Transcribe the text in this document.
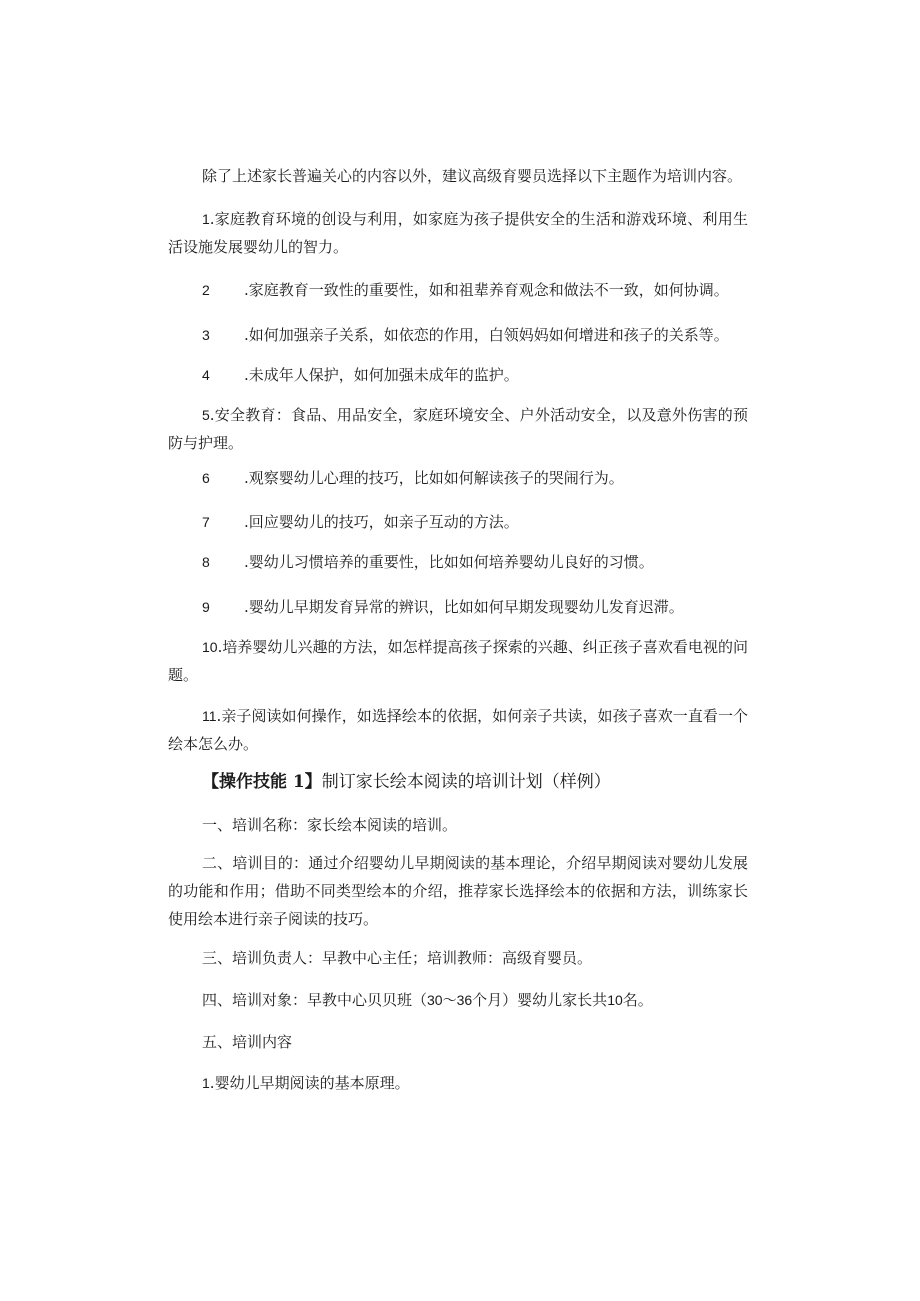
除了上述家长普遍关心的内容以外，建议高级育婴员选择以下主题作为培训内容。

1.家庭教育环境的创设与利用，如家庭为孩子提供安全的生活和游戏环境、利用生活设施发展婴幼儿的智力。
2 .家庭教育一致性的重要性，如和祖辈养育观念和做法不一致，如何协调。
3 .如何加强亲子关系，如依恋的作用，白领妈妈如何增进和孩子的关系等。
4 .未成年人保护，如何加强未成年的监护。
5.安全教育：食品、用品安全，家庭环境安全、户外活动安全，以及意外伤害的预防与护理。
6 .观察婴幼儿心理的技巧，比如如何解读孩子的哭闹行为。
7 .回应婴幼儿的技巧，如亲子互动的方法。
8 .婴幼儿习惯培养的重要性，比如如何培养婴幼儿良好的习惯。
9 .婴幼儿早期发育异常的辨识，比如如何早期发现婴幼儿发育迟滞。
10.培养婴幼儿兴趣的方法，如怎样提高孩子探索的兴趣、纠正孩子喜欢看电视的问题。
11.亲子阅读如何操作，如选择绘本的依据，如何亲子共读，如孩子喜欢一直看一个绘本怎么办。
【操作技能 1】制订家长绘本阅读的培训计划（样例）

一、培训名称：家长绘本阅读的培训。

二、培训目的：通过介绍婴幼儿早期阅读的基本理论，介绍早期阅读对婴幼儿发展的功能和作用；借助不同类型绘本的介绍，推荐家长选择绘本的依据和方法，训练家长使用绘本进行亲子阅读的技巧。

三、培训负责人：早教中心主任；培训教师：高级育婴员。

四、培训对象：早教中心贝贝班（30～36个月）婴幼儿家长共10名。

五、培训内容

1.婴幼儿早期阅读的基本原理。
